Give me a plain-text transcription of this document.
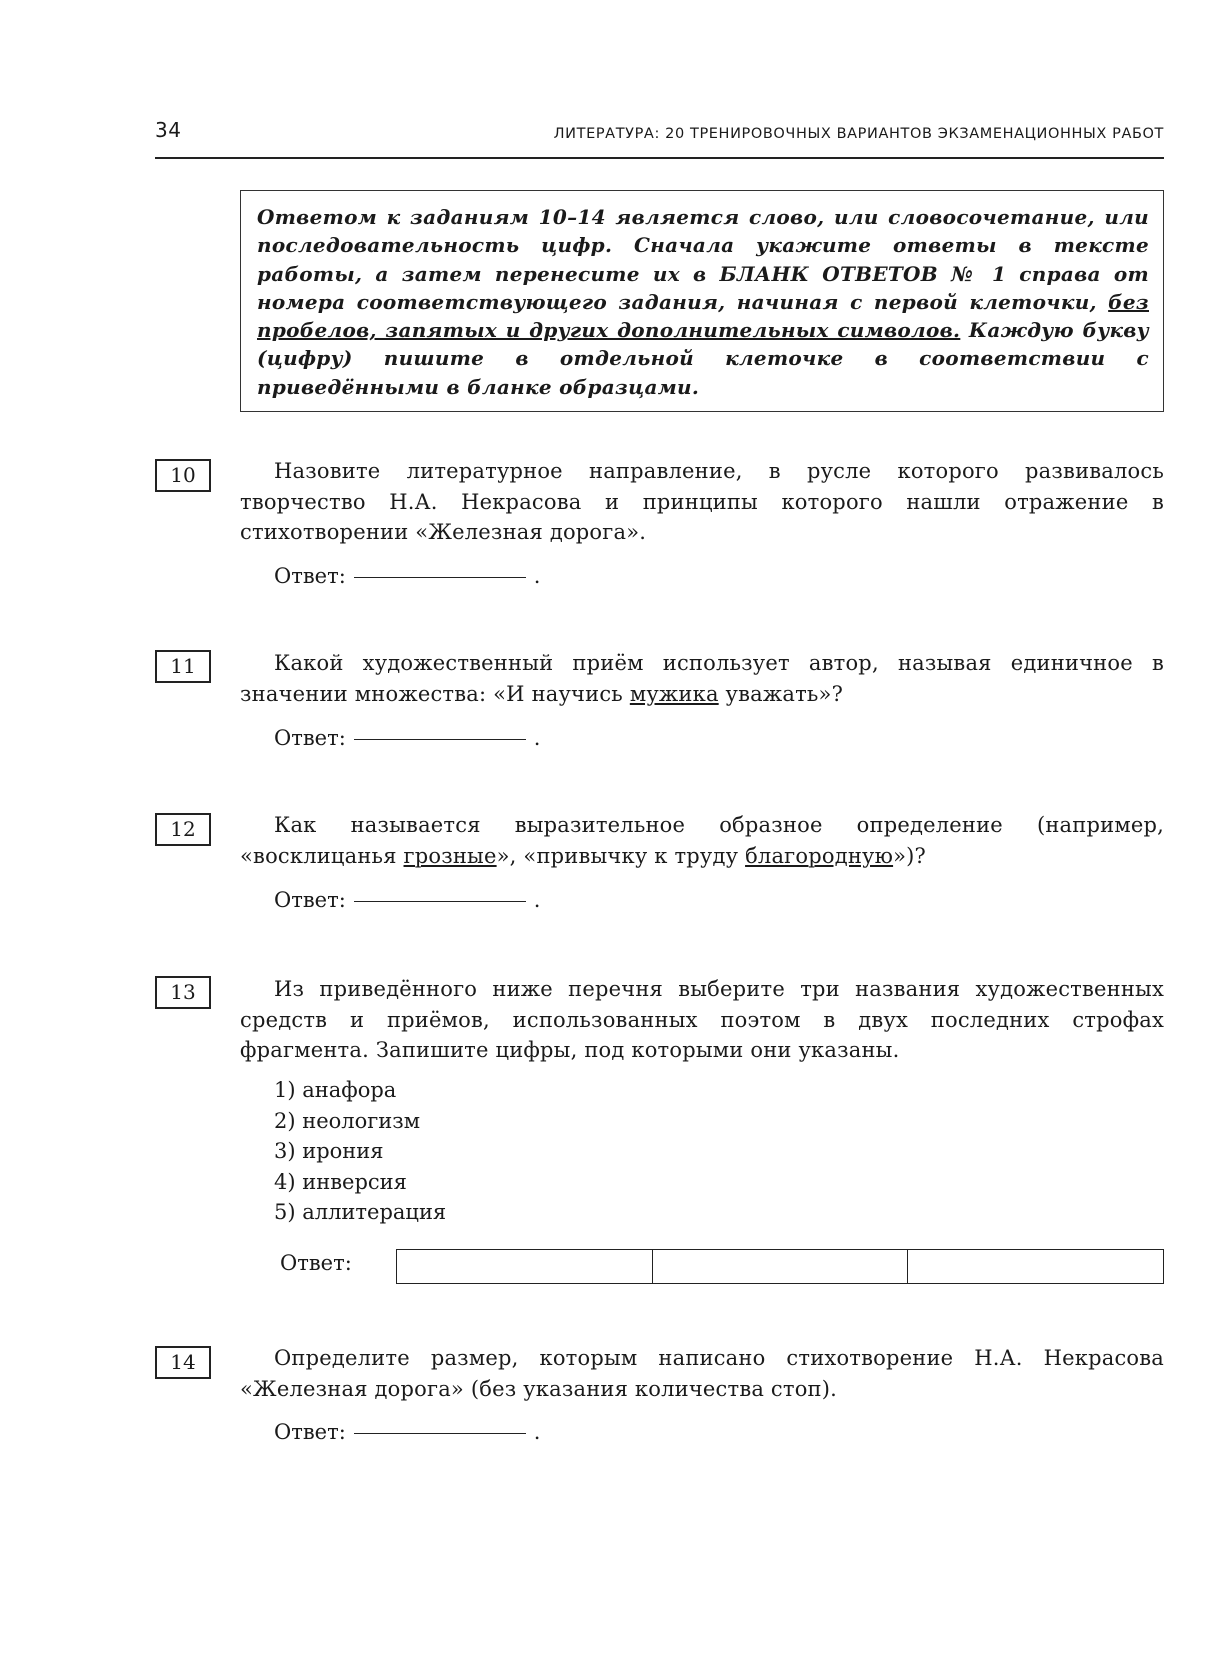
34	ЛИТЕРАТУРА: 20 ТРЕНИРОВОЧНЫХ ВАРИАНТОВ ЭКЗАМЕНАЦИОННЫХ РАБОТ
Ответом к заданиям 10–14 является слово, или словосочетание, или последовательность цифр. Сначала укажите ответы в тексте работы, а затем перенесите их в БЛАНК ОТВЕТОВ № 1 справа от номера соответствующего задания, начиная с первой клеточки, без пробелов, запятых и других дополнительных символов. Каждую букву (цифру) пишите в отдельной клеточке в соответствии с приведёнными в бланке образцами.
10	Назовите литературное направление, в русле которого развивалось творчество Н.А. Некрасова и принципы которого нашли отражение в стихотворении «Железная дорога».
Ответ:	.
11	Какой художественный приём использует автор, называя единичное в значении множества: «И научись мужика уважать»?
Ответ:	.
12	Как называется выразительное образное определение (например, «восклицанья грозные», «привычку к труду благородную»)?
Ответ:	.
13	Из приведённого ниже перечня выберите три названия художественных средств и приёмов, использованных поэтом в двух последних строфах фрагмента. Запишите цифры, под которыми они указаны.
1) анафора
2) неологизм
3) ирония
4) инверсия
5) аллитерация
Ответ:
14	Определите размер, которым написано стихотворение Н.А. Некрасова «Железная дорога» (без указания количества стоп).
Ответ:	.
